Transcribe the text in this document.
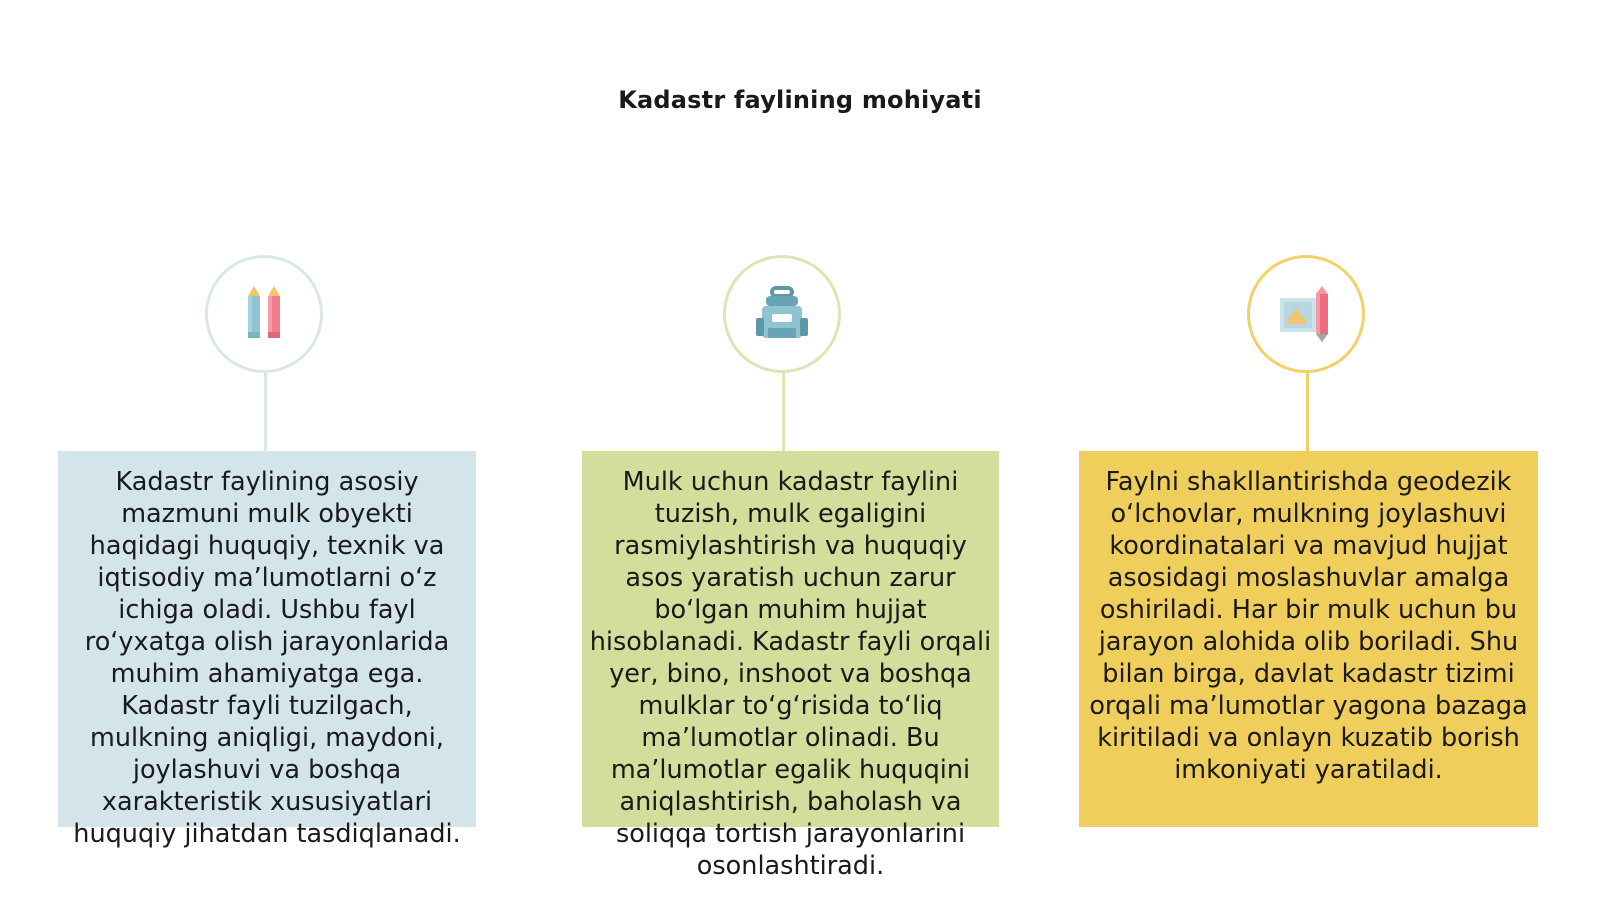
Kadastr faylining mohiyati
Kadastr faylining asosiy mazmuni mulk obyekti haqidagi huquqiy, texnik va iqtisodiy ma’lumotlarni o‘z ichiga oladi. Ushbu fayl ro‘yxatga olish jarayonlarida muhim ahamiyatga ega. Kadastr fayli tuzilgach, mulkning aniqligi, maydoni, joylashuvi va boshqa xarakteristik xususiyatlari huquqiy jihatdan tasdiqlanadi.
Mulk uchun kadastr faylini tuzish, mulk egaligini rasmiylashtirish va huquqiy asos yaratish uchun zarur bo‘lgan muhim hujjat hisoblanadi. Kadastr fayli orqali yer, bino, inshoot va boshqa mulklar to‘g‘risida to‘liq ma’lumotlar olinadi. Bu ma’lumotlar egalik huquqini aniqlashtirish, baholash va soliqqa tortish jarayonlarini osonlashtiradi.
Faylni shakllantirishda geodezik o‘lchovlar, mulkning joylashuvi koordinatalari va mavjud hujjat asosidagi moslashuvlar amalga oshiriladi. Har bir mulk uchun bu jarayon alohida olib boriladi. Shu bilan birga, davlat kadastr tizimi orqali ma’lumotlar yagona bazaga kiritiladi va onlayn kuzatib borish imkoniyati yaratiladi.
